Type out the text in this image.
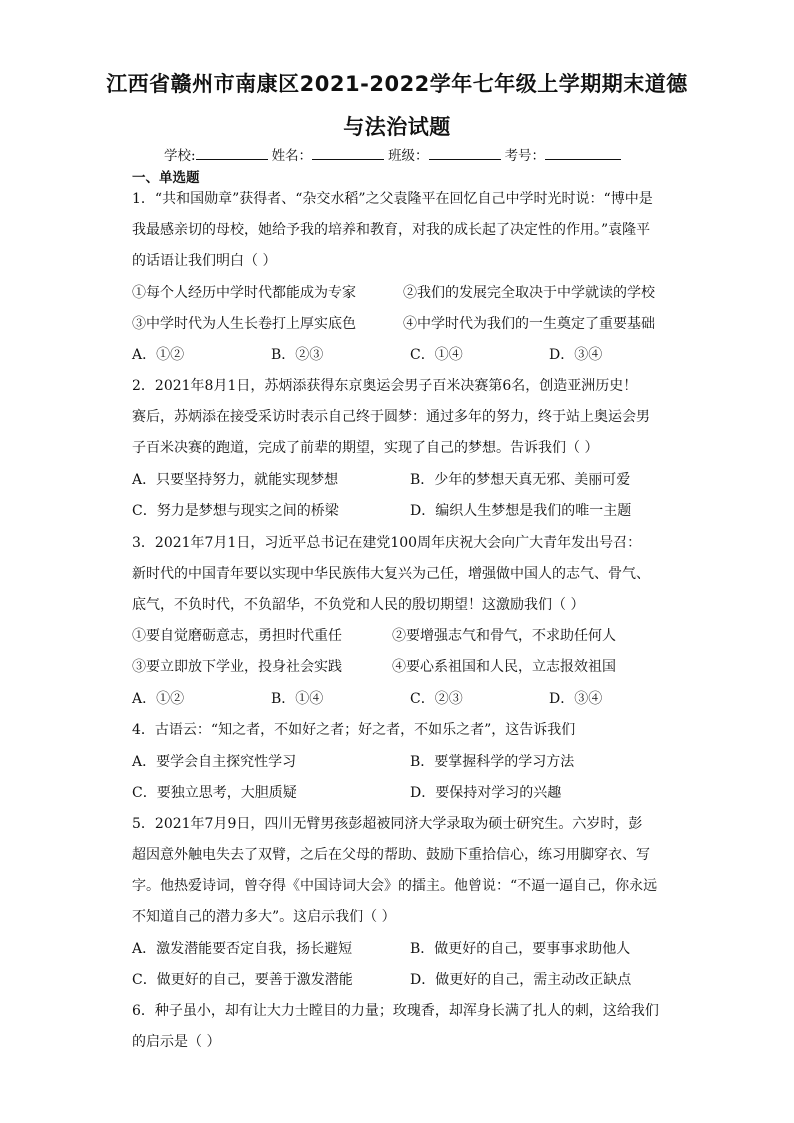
江西省赣州市南康区2021-2022学年七年级上学期期末道德
与法治试题
学校:	姓名：	班级：	考号：
一、单选题
1．“共和国勋章”获得者、“杂交水稻”之父袁隆平在回忆自己中学时光时说：“博中是
我最感亲切的母校，她给予我的培养和教育，对我的成长起了决定性的作用。”袁隆平
的话语让我们明白（ ）
①每个人经历中学时代都能成为专家	②我们的发展完全取决于中学就读的学校
③中学时代为人生长卷打上厚实底色	④中学时代为我们的一生奠定了重要基础
A．①②	B．②③	C．①④	D．③④
2．2021年8月1日，苏炳添获得东京奥运会男子百米决赛第6名，创造亚洲历史！
赛后，苏炳添在接受采访时表示自己终于圆梦：通过多年的努力，终于站上奥运会男
子百米决赛的跑道，完成了前辈的期望，实现了自己的梦想。告诉我们（ ）
A．只要坚持努力，就能实现梦想	B．少年的梦想天真无邪、美丽可爱
C．努力是梦想与现实之间的桥梁	D．编织人生梦想是我们的唯一主题
3．2021年7月1日，习近平总书记在建党100周年庆祝大会向广大青年发出号召：
新时代的中国青年要以实现中华民族伟大复兴为己任，增强做中国人的志气、骨气、
底气，不负时代，不负韶华，不负党和人民的殷切期望！这激励我们（ ）
①要自觉磨砺意志，勇担时代重任	②要增强志气和骨气，不求助任何人
③要立即放下学业，投身社会实践	④要心系祖国和人民，立志报效祖国
A．①②	B．①④	C．②③	D．③④
4．古语云：“知之者，不如好之者；好之者，不如乐之者”，这告诉我们
A．要学会自主探究性学习	B．要掌握科学的学习方法
C．要独立思考，大胆质疑	D．要保持对学习的兴趣
5．2021年7月9日，四川无臂男孩彭超被同济大学录取为硕士研究生。六岁时，彭
超因意外触电失去了双臂，之后在父母的帮助、鼓励下重拾信心，练习用脚穿衣、写
字。他热爱诗词，曾夺得《中国诗词大会》的擂主。他曾说：“不逼一逼自己，你永远
不知道自己的潜力多大”。这启示我们（ ）
A．激发潜能要否定自我，扬长避短	B．做更好的自己，要事事求助他人
C．做更好的自己，要善于激发潜能	D．做更好的自己，需主动改正缺点
6．种子虽小，却有让大力士瞠目的力量；玫瑰香，却浑身长满了扎人的刺，这给我们
的启示是（ ）
